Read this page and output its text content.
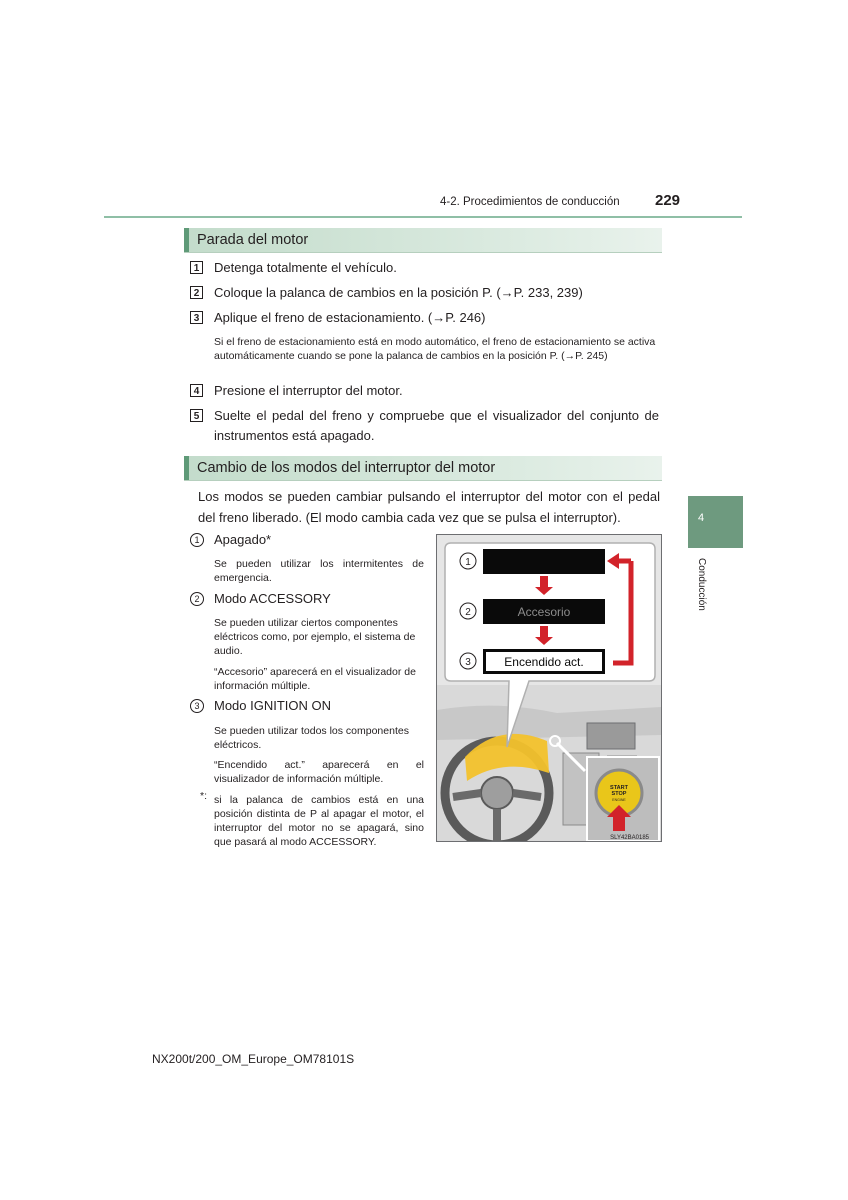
4-2. Procedimientos de conducción 229
Parada del motor
1 Detenga totalmente el vehículo.
2 Coloque la palanca de cambios en la posición P. (→P. 233, 239)
3 Aplique el freno de estacionamiento. (→P. 246)
Si el freno de estacionamiento está en modo automático, el freno de estacionamiento se activa automáticamente cuando se pone la palanca de cambios en la posición P. (→P. 245)
4 Presione el interruptor del motor.
5 Suelte el pedal del freno y compruebe que el visualizador del conjunto de instrumentos está apagado.
Cambio de los modos del interruptor del motor
Los modos se pueden cambiar pulsando el interruptor del motor con el pedal del freno liberado. (El modo cambia cada vez que se pulsa el interruptor).
1	Apagado*
Se pueden utilizar los intermitentes de emergencia.
2	Modo ACCESSORY
Se pueden utilizar ciertos componentes eléctricos como, por ejemplo, el sistema de audio.
“Accesorio” aparecerá en el visualizador de información múltiple.
3	Modo IGNITION ON
Se pueden utilizar todos los componentes eléctricos.
“Encendido act.” aparecerá en el visualizador de información múltiple.
*: si la palanca de cambios está en una posición distinta de P al apagar el motor, el interruptor del motor no se apagará, sino que pasará al modo ACCESSORY.
1
2	Accesorio
3	Encendido act.
START
STOP
ENGINE
SLY42BA0185
4
Conducción
NX200t/200_OM_Europe_OM78101S
